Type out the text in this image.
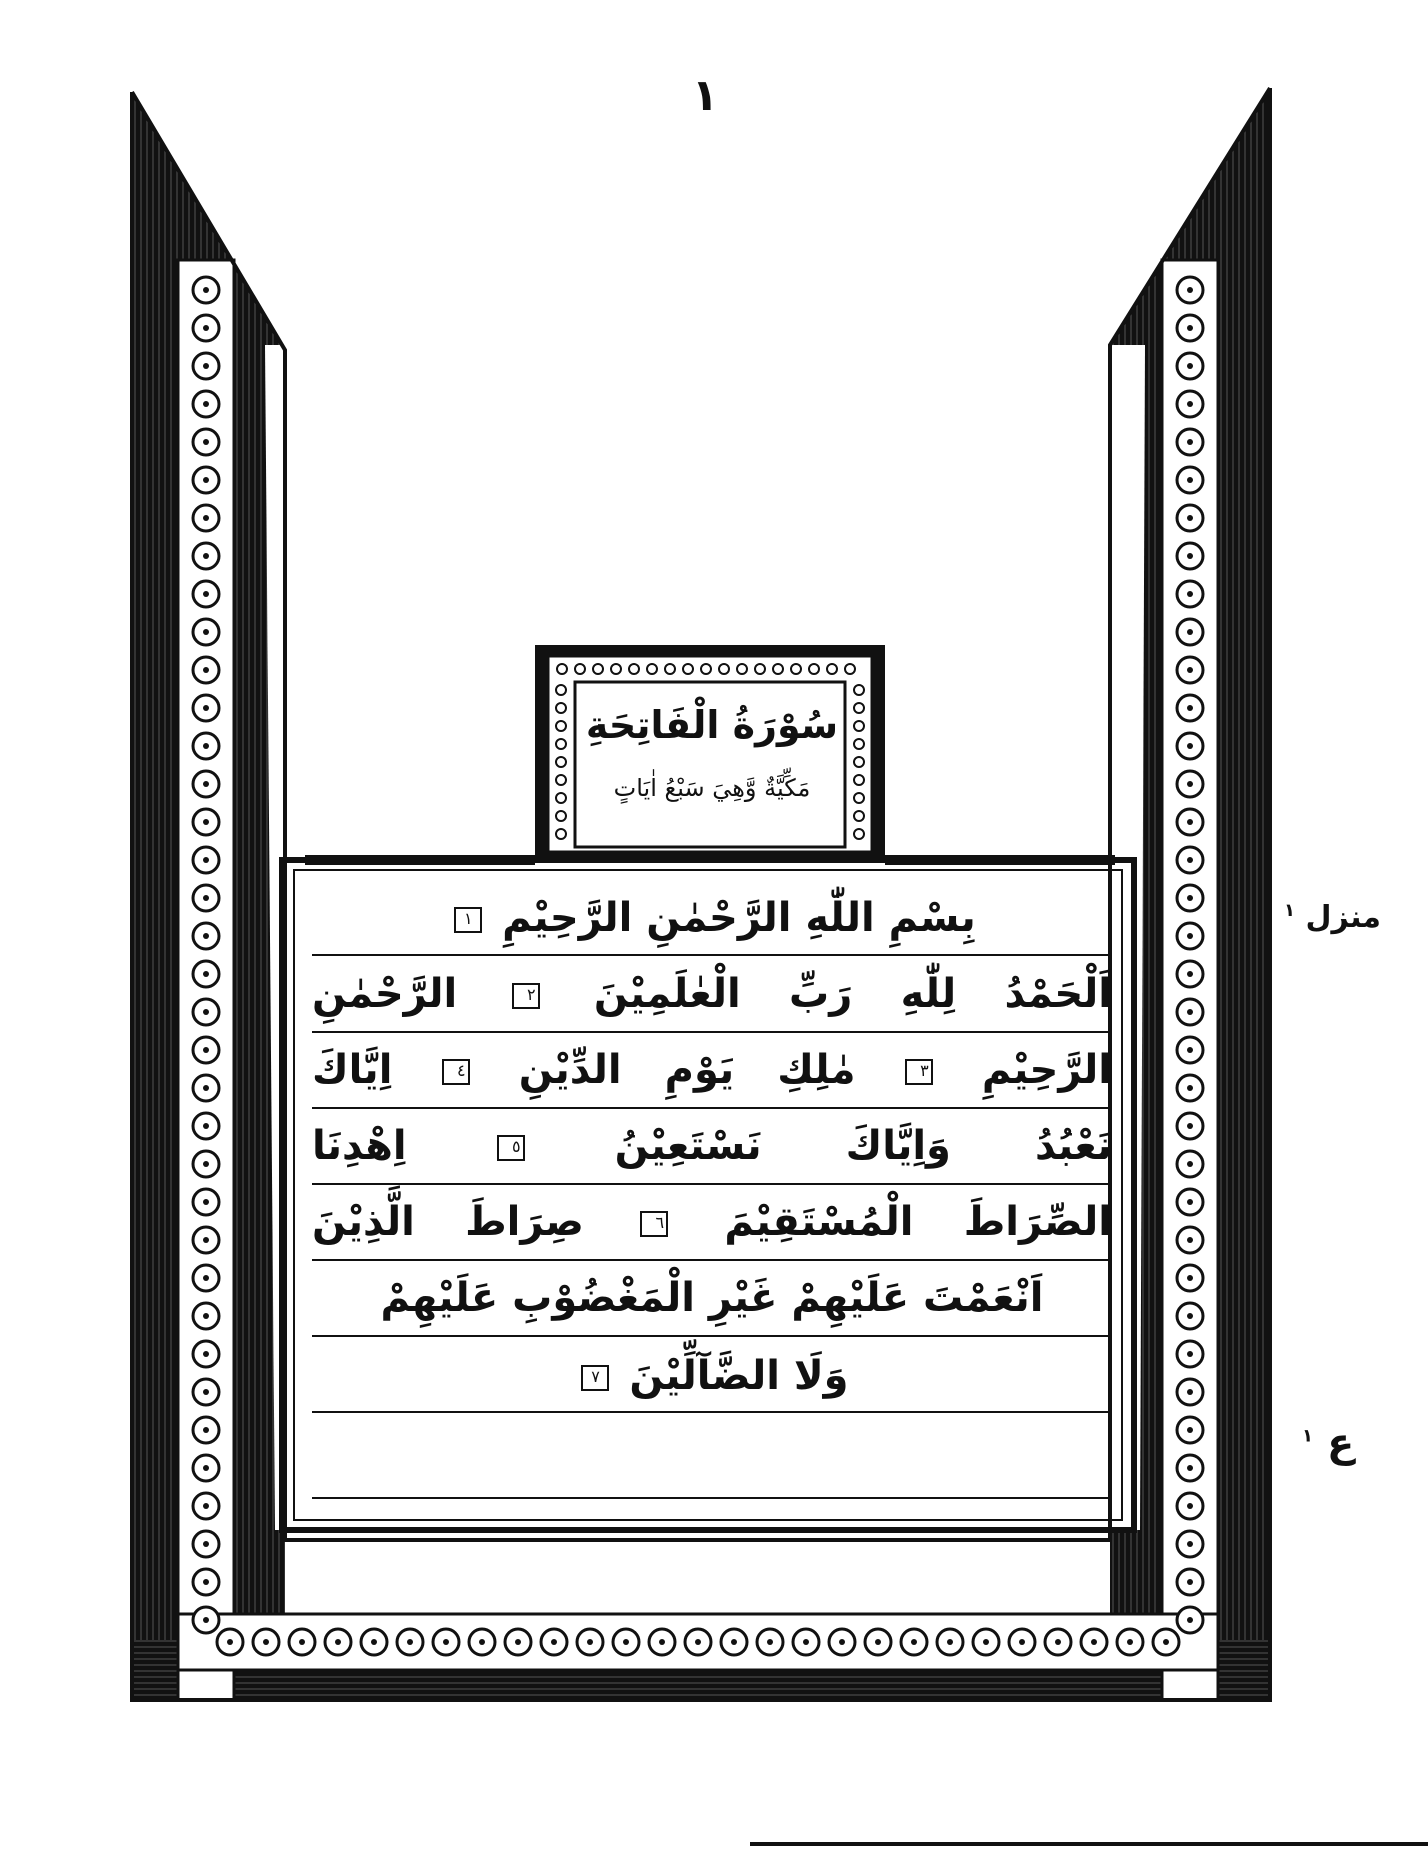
١
سُوْرَةُ الْفَاتِحَةِ
مَكِّيَّةٌ وَّهِيَ سَبْعُ اٰيَاتٍ
بِسْمِ اللّٰهِ الرَّحْمٰنِ الرَّحِيْمِ ١
اَلْحَمْدُ لِلّٰهِ رَبِّ الْعٰلَمِيْنَ ٢ الرَّحْمٰنِ
الرَّحِيْمِ ٣ مٰلِكِ يَوْمِ الدِّيْنِ ٤ اِيَّاكَ
نَعْبُدُ وَاِيَّاكَ نَسْتَعِيْنُ ٥ اِهْدِنَا
الصِّرَاطَ الْمُسْتَقِيْمَ ٦ صِرَاطَ الَّذِيْنَ
اَنْعَمْتَ عَلَيْهِمْ غَيْرِ الْمَغْضُوْبِ عَلَيْهِمْ
وَلَا الضَّآلِّيْنَ ٧
منزل $^١$
ع $^١$
